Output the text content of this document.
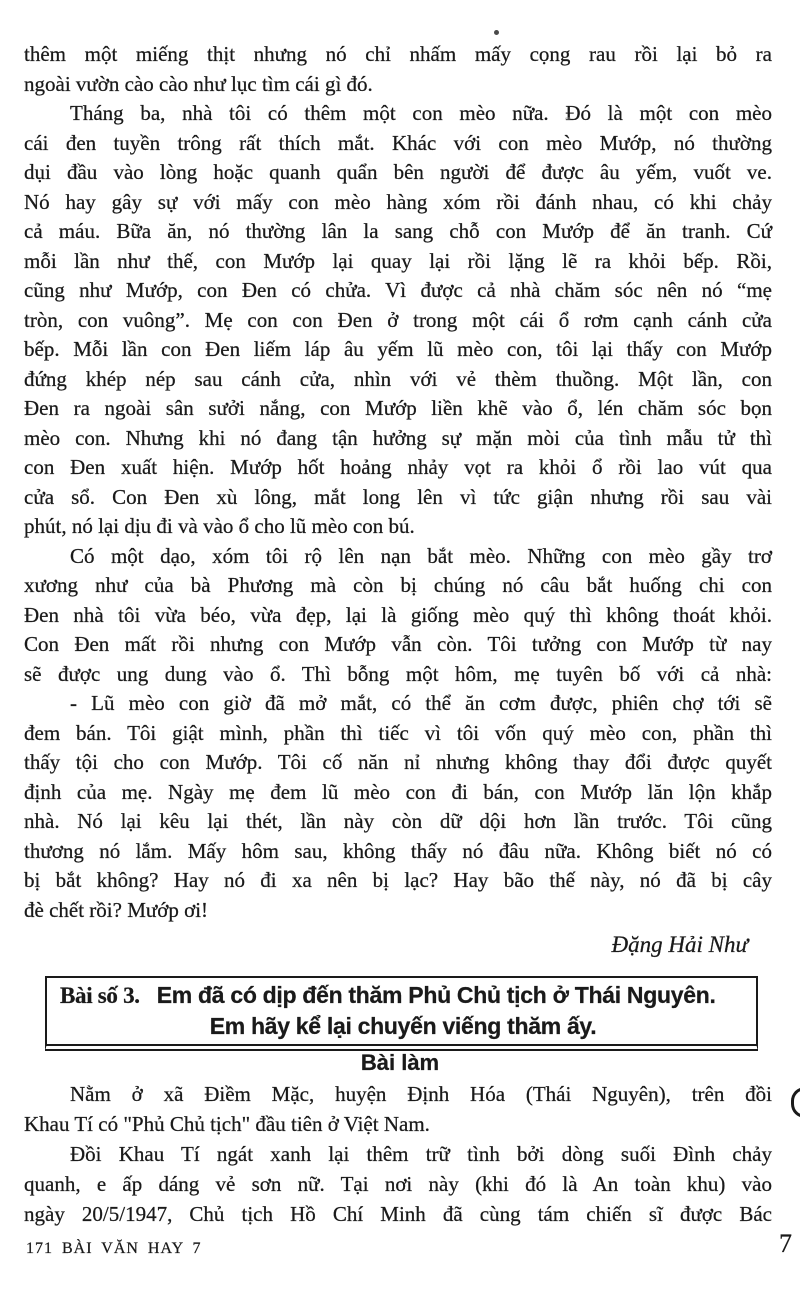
thêm một miếng thịt nhưng nó chỉ nhấm mấy cọng rau rồi lại bỏ ra
ngoài vườn cào cào như lục tìm cái gì đó.
Tháng ba, nhà tôi có thêm một con mèo nữa. Đó là một con mèo
cái đen tuyền trông rất thích mắt. Khác với con mèo Mướp, nó thường
dụi đầu vào lòng hoặc quanh quẩn bên người để được âu yếm, vuốt ve.
Nó hay gây sự với mấy con mèo hàng xóm rồi đánh nhau, có khi chảy
cả máu. Bữa ăn, nó thường lân la sang chỗ con Mướp để ăn tranh. Cứ
mỗi lần như thế, con Mướp lại quay lại rồi lặng lẽ ra khỏi bếp. Rồi,
cũng như Mướp, con Đen có chửa. Vì được cả nhà chăm sóc nên nó “mẹ
tròn, con vuông”. Mẹ con con Đen ở trong một cái ổ rơm cạnh cánh cửa
bếp. Mỗi lần con Đen liếm láp âu yếm lũ mèo con, tôi lại thấy con Mướp
đứng khép nép sau cánh cửa, nhìn với vẻ thèm thuồng. Một lần, con
Đen ra ngoài sân sưởi nắng, con Mướp liền khẽ vào ổ, lén chăm sóc bọn
mèo con. Nhưng khi nó đang tận hưởng sự mặn mòi của tình mẫu tử thì
con Đen xuất hiện. Mướp hốt hoảng nhảy vọt ra khỏi ổ rồi lao vút qua
cửa sổ. Con Đen xù lông, mắt long lên vì tức giận nhưng rồi sau vài
phút, nó lại dịu đi và vào ổ cho lũ mèo con bú.
Có một dạo, xóm tôi rộ lên nạn bắt mèo. Những con mèo gầy trơ
xương như của bà Phương mà còn bị chúng nó câu bắt huống chi con
Đen nhà tôi vừa béo, vừa đẹp, lại là giống mèo quý thì không thoát khỏi.
Con Đen mất rồi nhưng con Mướp vẫn còn. Tôi tưởng con Mướp từ nay
sẽ được ung dung vào ổ. Thì bỗng một hôm, mẹ tuyên bố với cả nhà:
- Lũ mèo con giờ đã mở mắt, có thể ăn cơm được, phiên chợ tới sẽ
đem bán. Tôi giật mình, phần thì tiếc vì tôi vốn quý mèo con, phần thì
thấy tội cho con Mướp. Tôi cố năn nỉ nhưng không thay đổi được quyết
định của mẹ. Ngày mẹ đem lũ mèo con đi bán, con Mướp lăn lộn khắp
nhà. Nó lại kêu lại thét, lần này còn dữ dội hơn lần trước. Tôi cũng
thương nó lắm. Mấy hôm sau, không thấy nó đâu nữa. Không biết nó có
bị bắt không? Hay nó đi xa nên bị lạc? Hay bão thế này, nó đã bị cây
đè chết rồi? Mướp ơi!
Đặng Hải Như
Bài số 3. Em đã có dịp đến thăm Phủ Chủ tịch ở Thái Nguyên.
Em hãy kể lại chuyến viếng thăm ấy.
Bài làm
Nằm ở xã Điềm Mặc, huyện Định Hóa (Thái Nguyên), trên đồi
Khau Tí có "Phủ Chủ tịch" đầu tiên ở Việt Nam.
Đồi Khau Tí ngát xanh lại thêm trữ tình bởi dòng suối Đình chảy
quanh, e ấp dáng vẻ sơn nữ. Tại nơi này (khi đó là An toàn khu) vào
ngày 20/5/1947, Chủ tịch Hồ Chí Minh đã cùng tám chiến sĩ được Bác
171 BÀI VĂN HAY 7	7
